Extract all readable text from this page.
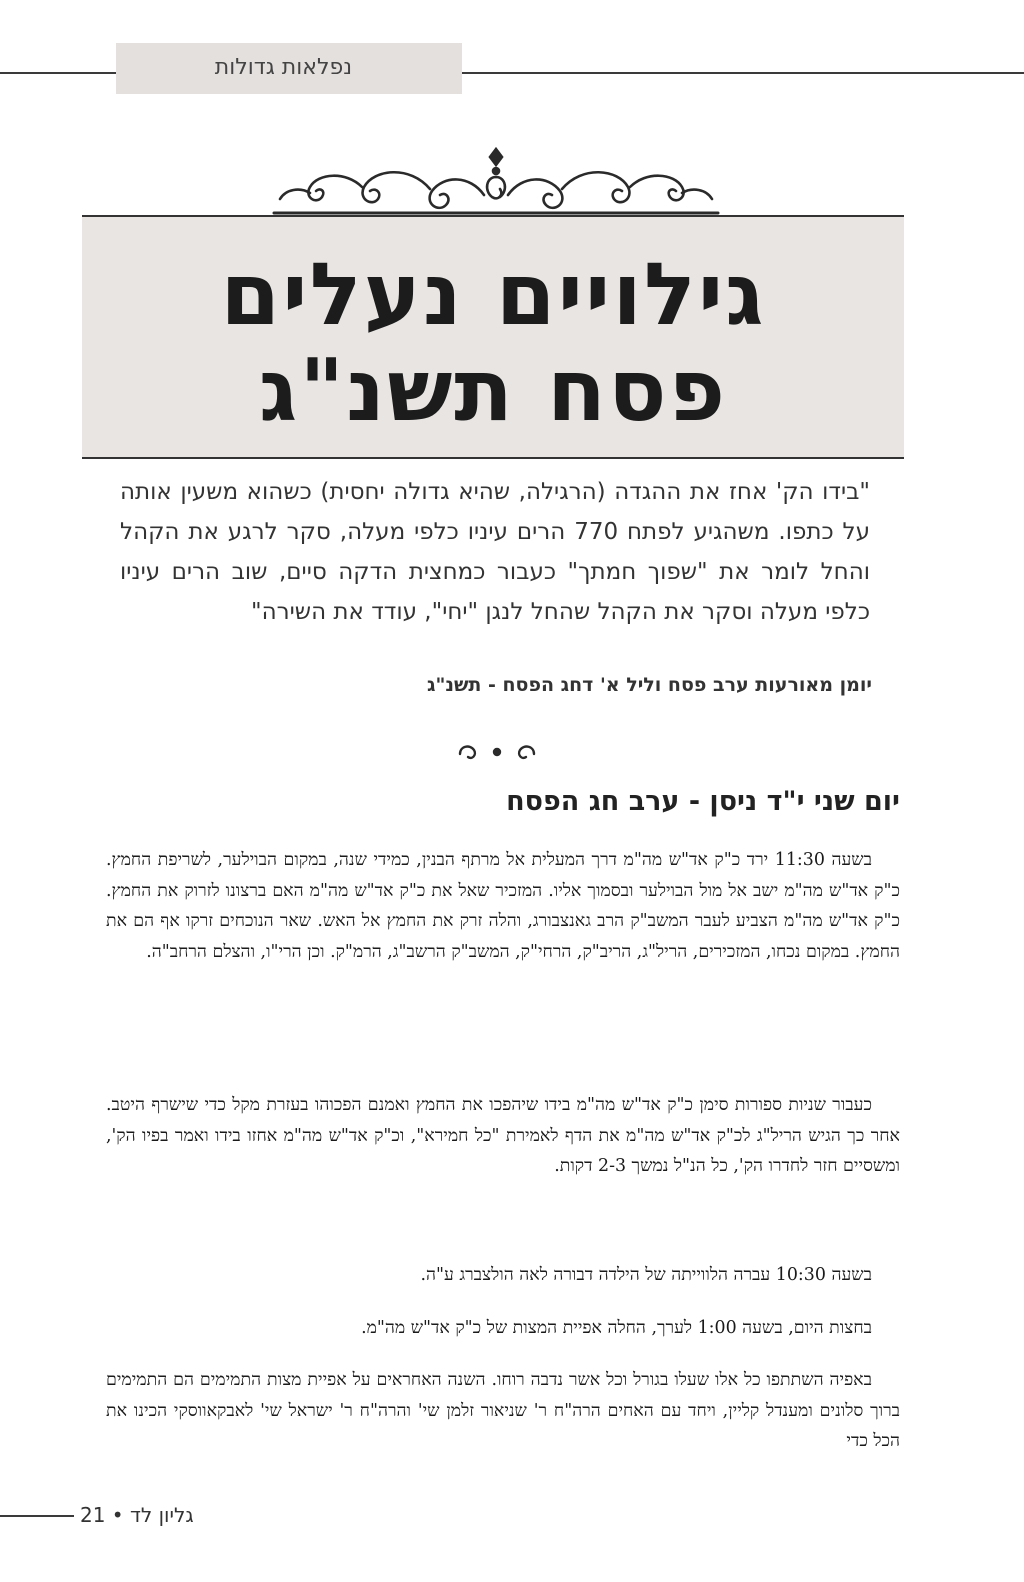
נפלאות גדולות
גילויים נעלים
פסח תשנ"ג
"בידו הק' אחז את ההגדה (הרגילה, שהיא גדולה יחסית) כשהוא משעין אותה על כתפו. משהגיע לפתח 770 הרים עיניו כלפי מעלה, סקר לרגע את הקהל והחל לומר את "שפוך חמתך" כעבור כמחצית הדקה סיים, שוב הרים עיניו כלפי מעלה וסקר את הקהל שהחל לנגן "יחי", עודד את השירה"
יומן מאורעות ערב פסח וליל א' דחג הפסח - תשנ"ג
יום שני י"ד ניסן - ערב חג הפסח
בשעה 11:30 ירד כ"ק אד"ש מה"מ דרך המעלית אל מרתף הבנין, כמידי שנה, במקום הבוילער, לשריפת החמץ. כ"ק אד"ש מה"מ ישב אל מול הבוילער ובסמוך אליו. המזכיר שאל את כ"ק אד"ש מה"מ האם ברצונו לזרוק את החמץ. כ"ק אד"ש מה"מ הצביע לעבר המשב"ק הרב גאנצבורג, והלה זרק את החמץ אל האש. שאר הנוכחים זרקו אף הם את החמץ. במקום נכחו, המזכירים, הריל"ג, הריב"ק, הרחי"ק, המשב"ק הרשב"ג, הרמ"ק. וכן הרי"ו, והצלם הרחב"ה.
כעבור שניות ספורות סימן כ"ק אד"ש מה"מ בידו שיהפכו את החמץ ואמנם הפכוהו בעזרת מקל כדי שישרף היטב. אחר כך הגיש הריל"ג לכ"ק אד"ש מה"מ את הדף לאמירת "כל חמירא", וכ"ק אד"ש מה"מ אחזו בידו ואמר בפיו הק', ומשסיים חזר לחדרו הק', כל הנ"ל נמשך 2-3 דקות.
בשעה 10:30 עברה הלווייתה של הילדה דבורה לאה הולצברג ע"ה.
בחצות היום, בשעה 1:00 לערך, החלה אפיית המצות של כ"ק אד"ש מה"מ.
באפיה השתתפו כל אלו שעלו בגורל וכל אשר נדבה רוחו. השנה האחראים על אפיית מצות התמימים הם התמימים ברוך סלונים ומענדל קליין, ויחד עם האחים הרה"ח ר' שניאור זלמן שי' והרה"ח ר' ישראל שי' לאבקאווסקי הכינו את הכל כדי
גליון לד • 21
